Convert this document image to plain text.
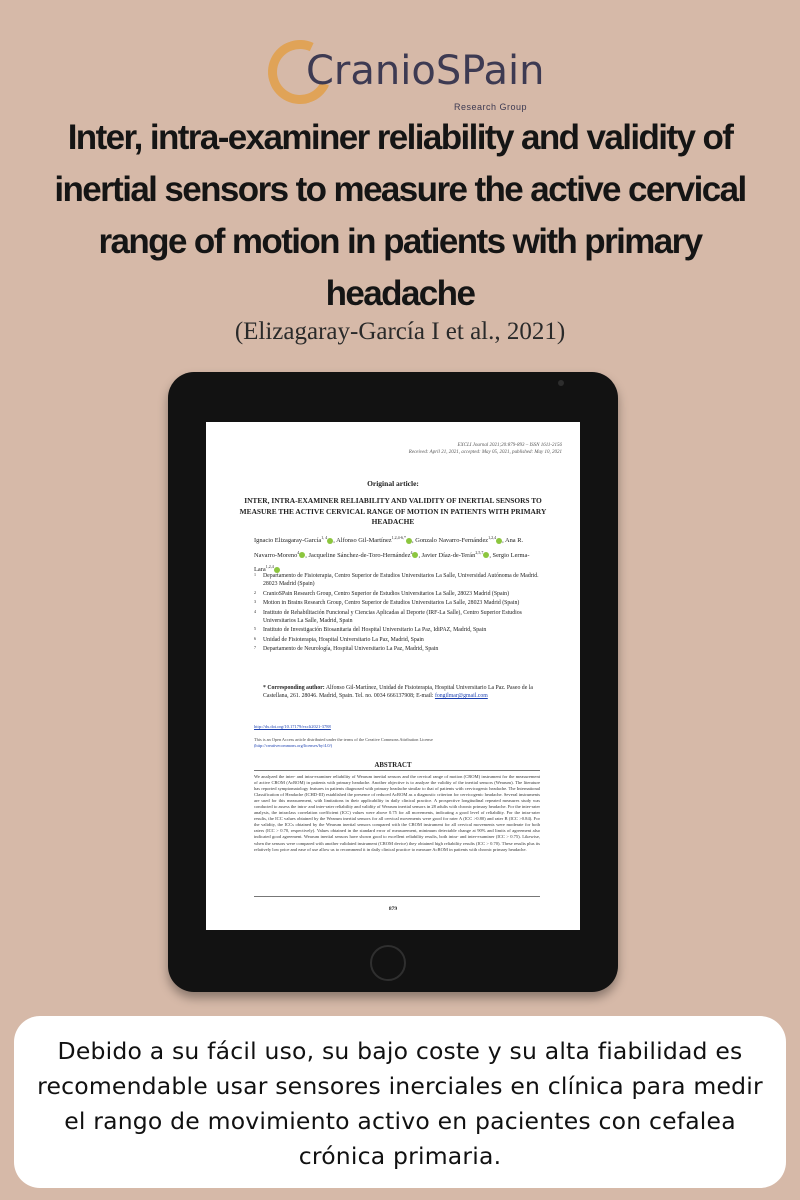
CranioSPain
Research Group
Inter, intra-examiner reliability and validity of
inertial sensors to measure the active cervical
range of motion in patients with primary
headache
(Elizagaray-García I et al., 2021)
EXCLI Journal 2021;20:879-893 – ISSN 1611-2156
Received: April 21, 2021, accepted: May 05, 2021, published: May 10, 2021
Original article:
INTER, INTRA-EXAMINER RELIABILITY AND VALIDITY OF INERTIAL SENSORS TO MEASURE THE ACTIVE CERVICAL RANGE OF MOTION IN PATIENTS WITH PRIMARY HEADACHE
Ignacio Elizagaray-García$^{1, 4}$ , Alfonso Gil-Martínez$^{1,2,4-6,*}$ , Gonzalo Navarro-Fernández$^{1,2,4}$ , Ana R. Navarro-Moreno$^4$ , Jacqueline Sánchez-de-Toro-Hernández$^4$ , Javier Díaz-de-Terán$^{2,5,7}$ , Sergio Lerma-Lara$^{1,2,4}$
1 Departamento de Fisioterapia, Centro Superior de Estudios Universitarios La Salle, Universidad Autónoma de Madrid. 28023 Madrid (Spain)
2 CranioSPain Research Group, Centro Superior de Estudios Universitarios La Salle, 28023 Madrid (Spain)
3 Motion in Brains Research Group, Centro Superior de Estudios Universitarios La Salle, 28023 Madrid (Spain)
4 Instituto de Rehabilitación Funcional y Ciencias Aplicadas al Deporte (IRF-La Salle), Centro Superior Estudios Universitarios La Salle, Madrid, Spain
5 Instituto de Investigación Biosanitaria del Hospital Universitario La Paz, IdiPAZ, Madrid, Spain
6 Unidad de Fisioterapia, Hospital Universitario La Paz, Madrid, Spain
7 Departamento de Neurología, Hospital Universitario La Paz, Madrid, Spain
* Corresponding author: Alfonso Gil-Martínez, Unidad de Fisioterapia, Hospital Universitario La Paz. Paseo de la Castellana, 261. 28046. Madrid, Spain. Tel. no. 0034 666137908; E-mail: fongilmar@gmail.com
http://dx.doi.org/10.17179/excli2021-3788
This is an Open Access article distributed under the terms of the Creative Commons Attribution License
(http://creativecommons.org/licenses/by/4.0/)
ABSTRACT
We analyzed the inter- and intra-examiner reliability of Wearum inertial sensors and the cervical range of motion (CROM) instrument for the measurement of active CROM (AcROM) in patients with primary headache. Another objective is to analyze the validity of the inertial sensors (Wearum). The literature has reported symptomatology features in patients diagnosed with primary headache similar to that of patients with cervicogenic headache. The International Classification of Headache (ICHD-III) established the presence of reduced AcROM as a diagnostic criterion for cervicogenic headache. Several instruments are used for this measurement, with limitations in their applicability in daily clinical practice. A prospective longitudinal repeated measures study was conducted to assess the intra- and inter-rater reliability and validity of Wearum inertial sensors in 28 adults with chronic primary headache. For the inter-rater analysis, the intraclass correlation coefficient (ICC) values were above 0.75 for all movements, indicating a good level of reliability. For the intra-rater results, the ICC values obtained by the Wearum inertial sensors for all cervical movements were good for rater A (ICC >0.80) and rater B (ICC >0.84). For the validity, the ICCs obtained by the Wearum inertial sensors compared with the CROM instrument for all cervical movements were moderate for both raters (ICC > 0.70, respectively). Values obtained in the standard error of measurement, minimum detectable change at 90% and limits of agreement also indicated good agreement. Wearum inertial sensors have shown good to excellent reliability results, both intra- and inter-examiner (ICC > 0.75). Likewise, when the sensors were compared with another validated instrument (CROM device) they obtained high reliability results (ICC > 0.70). These results plus its relatively low price and ease of use allow us to recommend it in daily clinical practice to measure AcROM in patients with chronic primary headache.
879

Debido a su fácil uso, su bajo coste y su alta fiabilidad es recomendable usar sensores inerciales en clínica para medir el rango de movimiento activo en pacientes con cefalea crónica primaria.
